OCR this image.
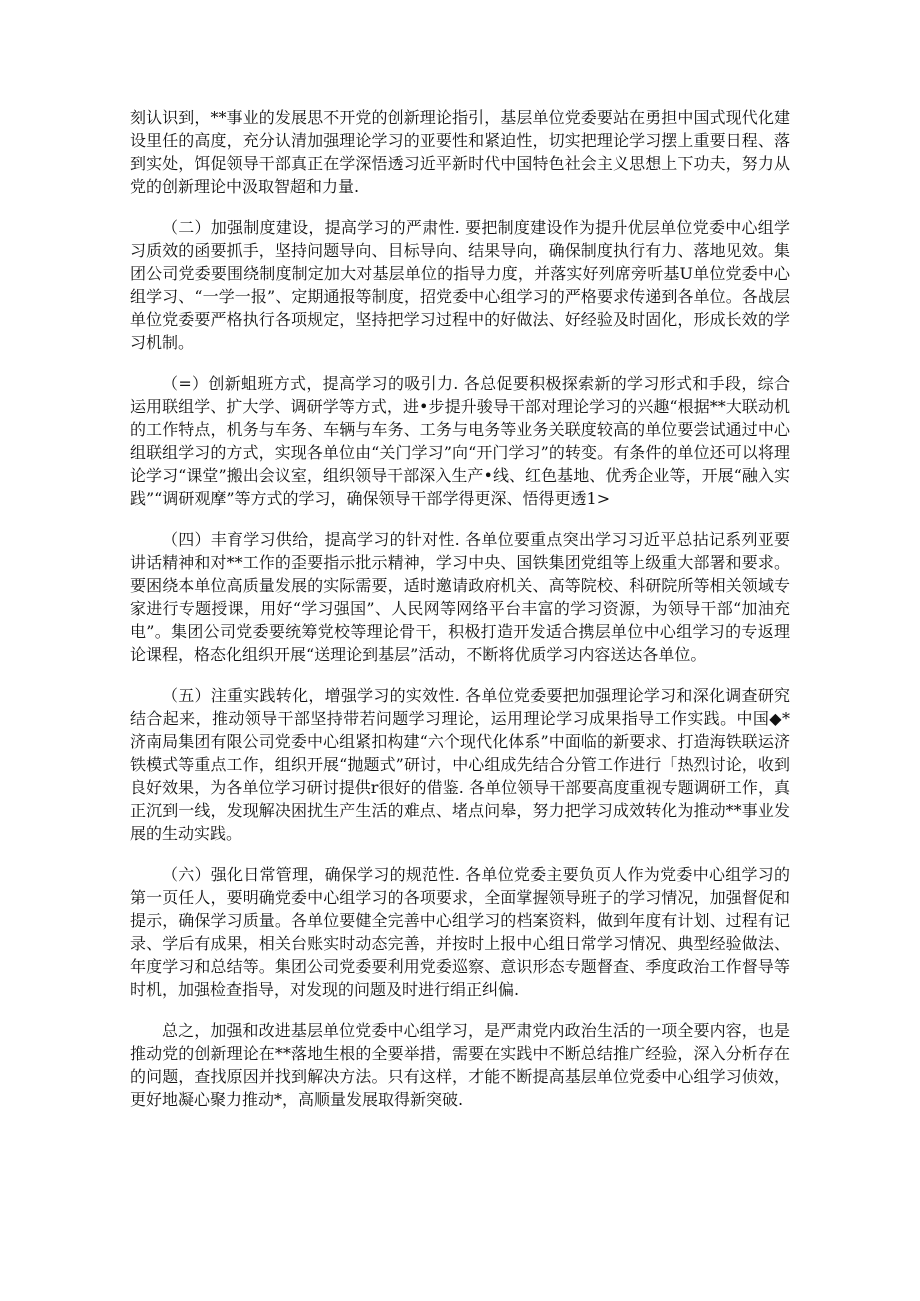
刻认识到，**事业的发展思不开党的创新理论指引，基层单位党委要站在勇担中国式现代化建设里任的高度，充分认清加强理论学习的亚要性和紧迫性，切实把理论学习摆上重要日程、落到实处，饵促领导干部真正在学深悟透习近平新时代中国特色社会主义思想上下功夫，努力从党的创新理论中汲取智超和力量.

（二）加强制度建设，提高学习的严肃性. 要把制度建设作为提升优层单位党委中心组学习质效的函要抓手，坚持问题导向、目标导向、结果导向，确保制度执行有力、落地见效。集团公司党委要围绕制度制定加大对基层单位的指导力度，并落实好列席旁听基U单位党委中心组学习、“一学一报”、定期通报等制度，招党委中心组学习的严格要求传递到各单位。各战层单位党委要严格执行各项规定，坚持把学习过程中的好做法、好经验及时固化，形成长效的学习机制。

（=）创新蛆班方式，提高学习的吸引力. 各总促要积极探索新的学习形式和手段，综合运用联组学、扩大学、调研学等方式，进•步提升骏导干部对理论学习的兴趣“根据**大联动机的工作特点，机务与车务、车辆与车务、工务与电务等业务关联度较高的单位要尝试通过中心组联组学习的方式，实现各单位由“关门学习”向“开门学习”的转变。有条件的单位还可以将理论学习“课堂”搬出会议室，组织领导干部深入生产•线、红色基地、优秀企业等，开展“融入实践”“调研观摩”等方式的学习，确保领导干部学得更深、悟得更透1>

（四）丰育学习供给，提高学习的针对性. 各单位要重点突出学习习近平总拈记系列亚要讲话精神和对**工作的歪要指示批示精神，学习中央、国铁集团党组等上级重大部署和要求。要困绕本单位高质量发展的实际需要，适时邀请政府机关、高等院校、科研院所等相关领域专家进行专题授课，用好“学习强国”、人民网等网络平台丰富的学习资源，为领导干部“加油充电”。集团公司党委要统筹党校等理论骨干，积极打造开发适合携层单位中心组学习的专返理论课程，格态化组织开展“送理论到基层”活动，不断将优质学习内容送达各单位。

（五）注重实践转化，增强学习的实效性. 各单位党委要把加强理论学习和深化调查研究结合起来，推动领导干部坚持带若问题学习理论，运用理论学习成果指导工作实践。中国◆*济南局集团有限公司党委中心组紧扣构建“六个现代化体系”中面临的新要求、打造海铁联运济铁模式等重点工作，组织开展“抛题式”研讨，中心组成先结合分管工作进行「热烈讨论，收到良好效果，为各单位学习研讨提供r很好的借鉴. 各单位领导干部要高度重视专题调研工作，真正沉到一线，发现解决困扰生产生活的难点、堵点问皋，努力把学习成效转化为推动**事业发展的生动实践。

（六）强化日常管理，确保学习的规范性. 各单位党委主要负页人作为党委中心组学习的第一页任人，要明确党委中心组学习的各项要求，全面掌握领导班子的学习情况，加强督促和提示，确保学习质量。各单位要健全完善中心组学习的档案资料，做到年度有计划、过程有记录、学后有成果，相关台账实时动态完善，并按时上报中心组日常学习情况、典型经验做法、年度学习和总结等。集团公司党委要利用党委巡察、意识形态专题督查、季度政治工作督导等时机，加强检查指导，对发现的问题及时进行绢正纠偏.

总之，加强和改进基层单位党委中心组学习，是严肃党内政治生活的一项全要内容，也是推动党的创新理论在**落地生根的全要举措，需要在实践中不断总结推广经验，深入分析存在的问题，查找原因并找到解决方法。只有这样，才能不断提高基层单位党委中心组学习侦效，更好地凝心聚力推动*，高顺量发展取得新突破.
